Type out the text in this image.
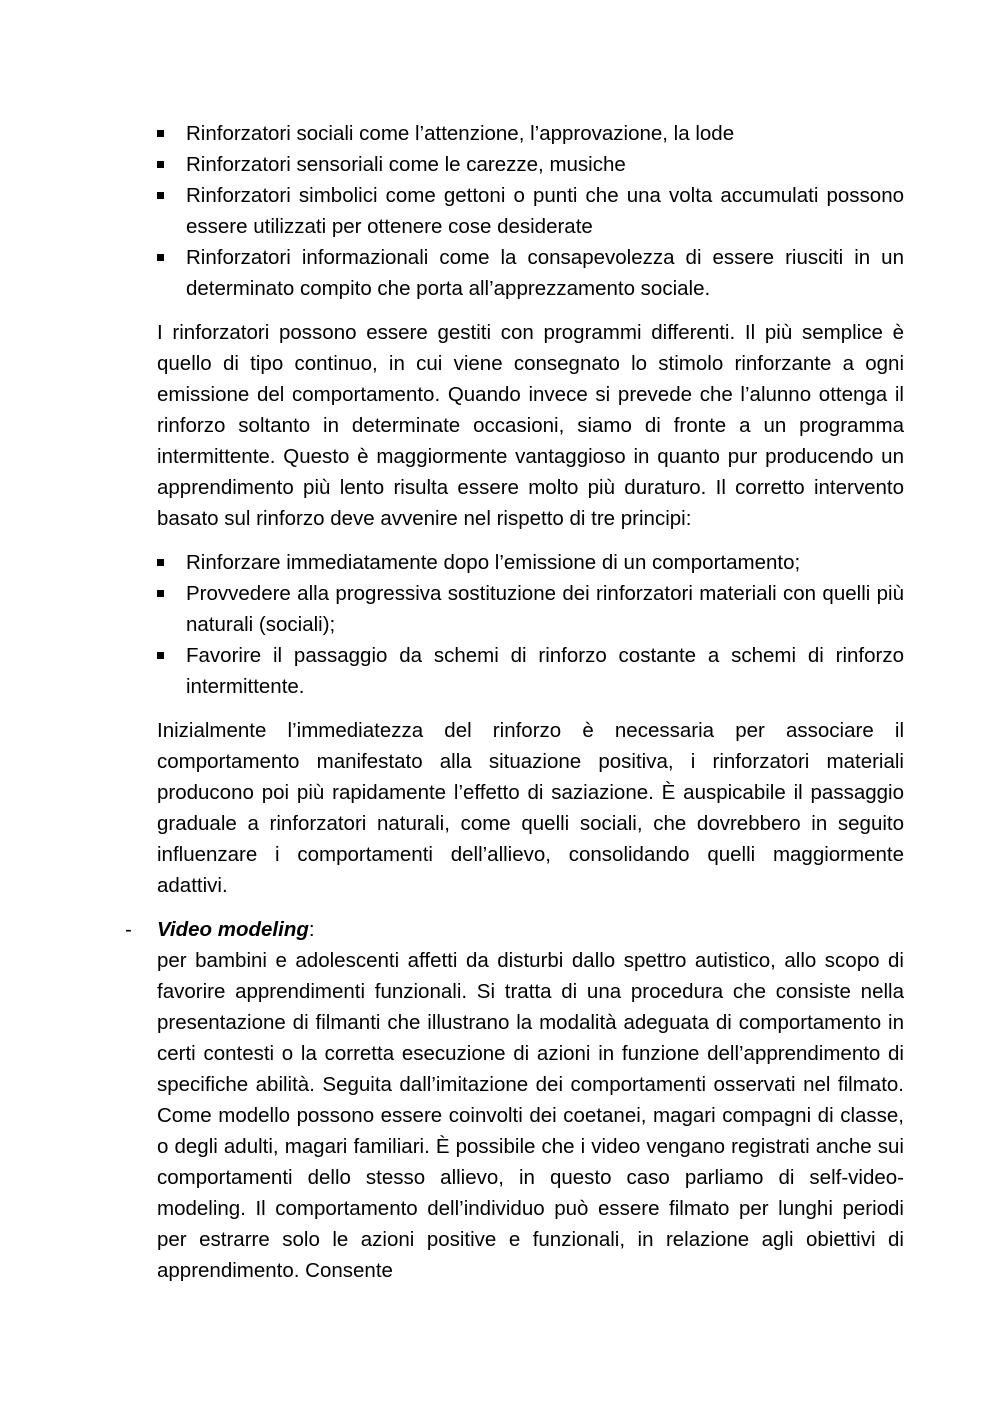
Rinforzatori sociali come l’attenzione, l’approvazione, la lode
Rinforzatori sensoriali come le carezze, musiche
Rinforzatori simbolici come gettoni o punti che una volta accumulati possono essere utilizzati per ottenere cose desiderate
Rinforzatori informazionali come la consapevolezza di essere riusciti in un determinato compito che porta all’apprezzamento sociale.

I rinforzatori possono essere gestiti con programmi differenti. Il più semplice è quello di tipo continuo, in cui viene consegnato lo stimolo rinforzante a ogni emissione del comportamento. Quando invece si prevede che l’alunno ottenga il rinforzo soltanto in determinate occasioni, siamo di fronte a un programma intermittente. Questo è maggiormente vantaggioso in quanto pur producendo un apprendimento più lento risulta essere molto più duraturo. Il corretto intervento basato sul rinforzo deve avvenire nel rispetto di tre principi:

Rinforzare immediatamente dopo l’emissione di un comportamento;
Provvedere alla progressiva sostituzione dei rinforzatori materiali con quelli più naturali (sociali);
Favorire il passaggio da schemi di rinforzo costante a schemi di rinforzo intermittente.

Inizialmente l’immediatezza del rinforzo è necessaria per associare il comportamento manifestato alla situazione positiva, i rinforzatori materiali producono poi più rapidamente l’effetto di saziazione. È auspicabile il passaggio graduale a rinforzatori naturali, come quelli sociali, che dovrebbero in seguito influenzare i comportamenti dell’allievo, consolidando quelli maggiormente adattivi.

- Video modeling:

per bambini e adolescenti affetti da disturbi dallo spettro autistico, allo scopo di favorire apprendimenti funzionali. Si tratta di una procedura che consiste nella presentazione di filmanti che illustrano la modalità adeguata di comportamento in certi contesti o la corretta esecuzione di azioni in funzione dell’apprendimento di specifiche abilità. Seguita dall’imitazione dei comportamenti osservati nel filmato. Come modello possono essere coinvolti dei coetanei, magari compagni di classe, o degli adulti, magari familiari. È possibile che i video vengano registrati anche sui comportamenti dello stesso allievo, in questo caso parliamo di self-video-modeling. Il comportamento dell’individuo può essere filmato per lunghi periodi per estrarre solo le azioni positive e funzionali, in relazione agli obiettivi di apprendimento. Consente
